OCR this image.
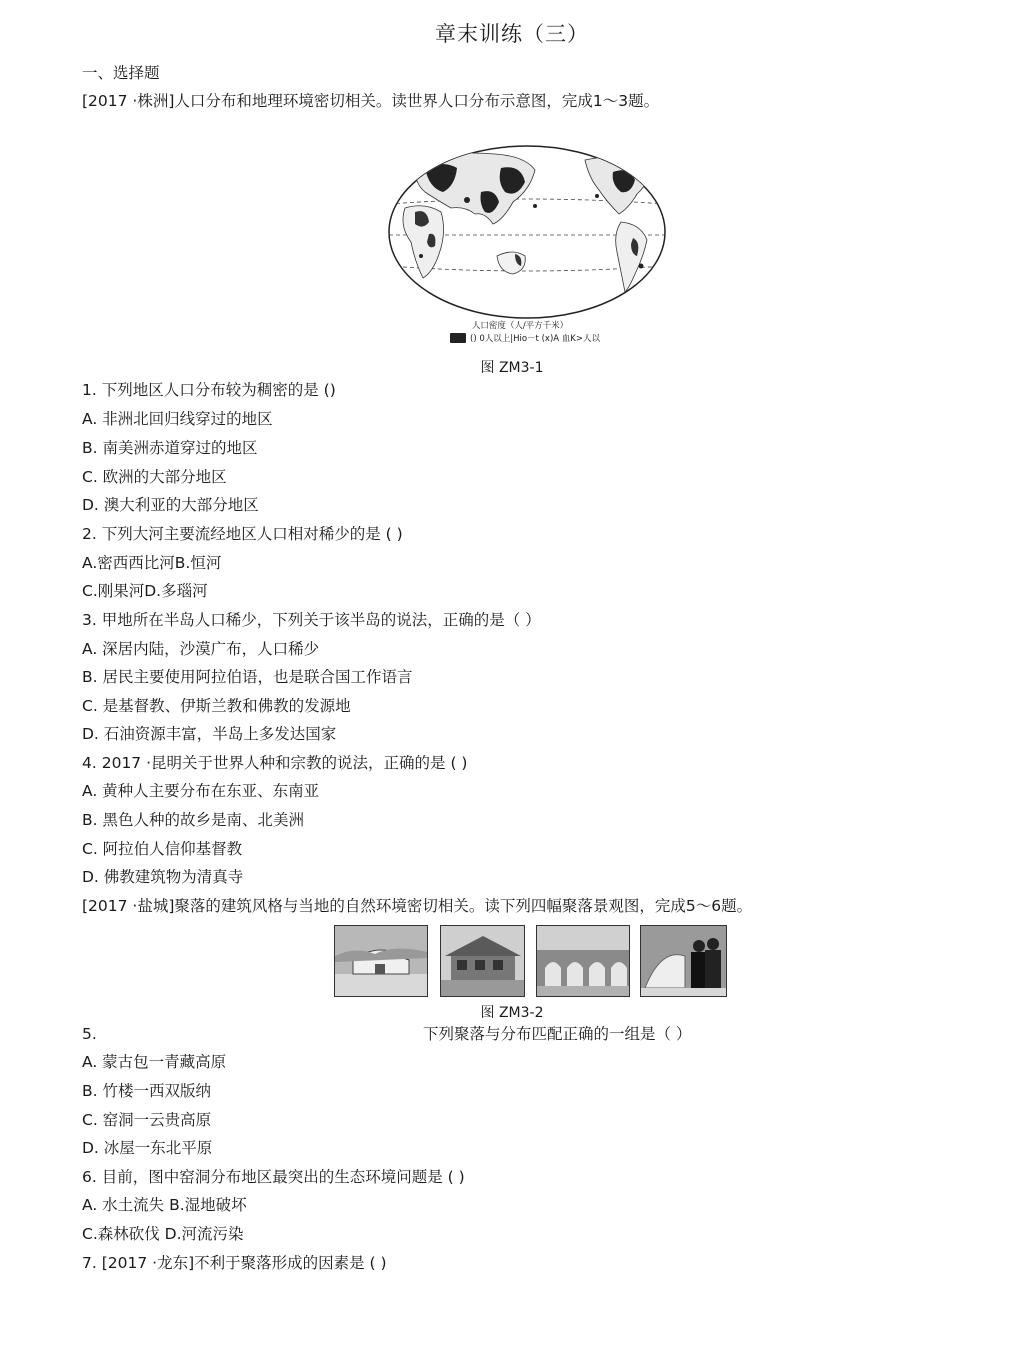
章末训练（三）
一、选择题
[2017 ·株洲]人口分布和地理环境密切相关。读世界人口分布示意图，完成1～3题。
人口密度（人/平方千米）
() 0人以上|Hio－t (x)A 血K>人以
图 ZM3-1
1. 下列地区人口分布较为稠密的是 ()
A. 非洲北回归线穿过的地区
B. 南美洲赤道穿过的地区
C. 欧洲的大部分地区
D. 澳大利亚的大部分地区
2. 下列大河主要流经地区人口相对稀少的是 ( )
A.密西西比河B.恒河
C.刚果河D.多瑙河
3. 甲地所在半岛人口稀少，下列关于该半岛的说法，正确的是（ ）
A. 深居内陆，沙漠广布，人口稀少
B. 居民主要使用阿拉伯语，也是联合国工作语言
C. 是基督教、伊斯兰教和佛教的发源地
D. 石油资源丰富，半岛上多发达国家
4. 2017 ·昆明关于世界人种和宗教的说法，正确的是 ( )
A. 黄种人主要分布在东亚、东南亚
B. 黑色人种的故乡是南、北美洲
C. 阿拉伯人信仰基督教
D. 佛教建筑物为清真寺
[2017 ·盐城]聚落的建筑风格与当地的自然环境密切相关。读下列四幅聚落景观图，完成5～6题。
图 ZM3-2
5.	下列聚落与分布匹配正确的一组是（ ）
A. 蒙古包一青藏高原
B. 竹楼一西双版纳
C. 窑洞一云贵高原
D. 冰屋一东北平原
6. 目前，图中窑洞分布地区最突出的生态环境问题是 ( )
A. 水土流失 B.湿地破坏
C.森林砍伐 D.河流污染
7. [2017 ·龙东]不利于聚落形成的因素是 ( )
